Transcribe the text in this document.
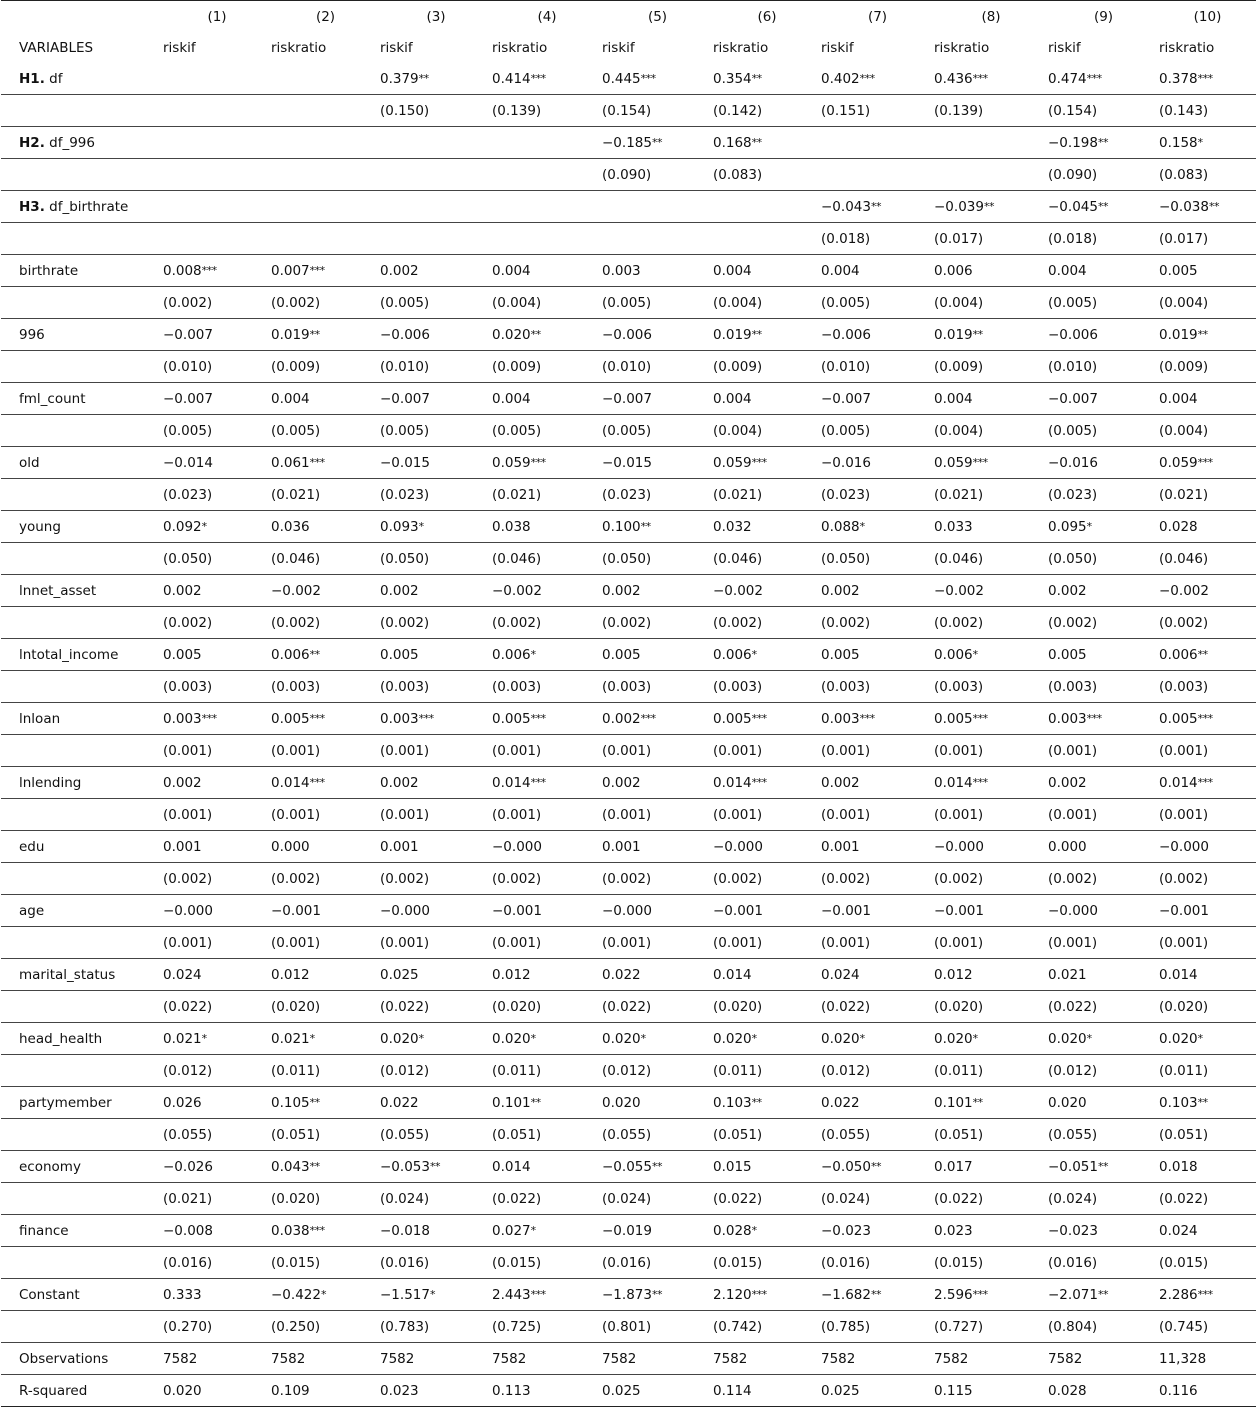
	(1)	(2)	(3)	(4)	(5)	(6)	(7)	(8)	(9)	(10)
VARIABLES	riskif	riskratio	riskif	riskratio	riskif	riskratio	riskif	riskratio	riskif	riskratio
H1. df			0.379**	0.414***	0.445***	0.354**	0.402***	0.436***	0.474***	0.378***
			(0.150)	(0.139)	(0.154)	(0.142)	(0.151)	(0.139)	(0.154)	(0.143)
H2. df_996					−0.185**	0.168**			−0.198**	0.158*
					(0.090)	(0.083)			(0.090)	(0.083)
H3. df_birthrate							−0.043**	−0.039**	−0.045**	−0.038**
							(0.018)	(0.017)	(0.018)	(0.017)
birthrate	0.008***	0.007***	0.002	0.004	0.003	0.004	0.004	0.006	0.004	0.005
	(0.002)	(0.002)	(0.005)	(0.004)	(0.005)	(0.004)	(0.005)	(0.004)	(0.005)	(0.004)
996	−0.007	0.019**	−0.006	0.020**	−0.006	0.019**	−0.006	0.019**	−0.006	0.019**
	(0.010)	(0.009)	(0.010)	(0.009)	(0.010)	(0.009)	(0.010)	(0.009)	(0.010)	(0.009)
fml_count	−0.007	0.004	−0.007	0.004	−0.007	0.004	−0.007	0.004	−0.007	0.004
	(0.005)	(0.005)	(0.005)	(0.005)	(0.005)	(0.004)	(0.005)	(0.004)	(0.005)	(0.004)
old	−0.014	0.061***	−0.015	0.059***	−0.015	0.059***	−0.016	0.059***	−0.016	0.059***
	(0.023)	(0.021)	(0.023)	(0.021)	(0.023)	(0.021)	(0.023)	(0.021)	(0.023)	(0.021)
young	0.092*	0.036	0.093*	0.038	0.100**	0.032	0.088*	0.033	0.095*	0.028
	(0.050)	(0.046)	(0.050)	(0.046)	(0.050)	(0.046)	(0.050)	(0.046)	(0.050)	(0.046)
lnnet_asset	0.002	−0.002	0.002	−0.002	0.002	−0.002	0.002	−0.002	0.002	−0.002
	(0.002)	(0.002)	(0.002)	(0.002)	(0.002)	(0.002)	(0.002)	(0.002)	(0.002)	(0.002)
lntotal_income	0.005	0.006**	0.005	0.006*	0.005	0.006*	0.005	0.006*	0.005	0.006**
	(0.003)	(0.003)	(0.003)	(0.003)	(0.003)	(0.003)	(0.003)	(0.003)	(0.003)	(0.003)
lnloan	0.003***	0.005***	0.003***	0.005***	0.002***	0.005***	0.003***	0.005***	0.003***	0.005***
	(0.001)	(0.001)	(0.001)	(0.001)	(0.001)	(0.001)	(0.001)	(0.001)	(0.001)	(0.001)
lnlending	0.002	0.014***	0.002	0.014***	0.002	0.014***	0.002	0.014***	0.002	0.014***
	(0.001)	(0.001)	(0.001)	(0.001)	(0.001)	(0.001)	(0.001)	(0.001)	(0.001)	(0.001)
edu	0.001	0.000	0.001	−0.000	0.001	−0.000	0.001	−0.000	0.000	−0.000
	(0.002)	(0.002)	(0.002)	(0.002)	(0.002)	(0.002)	(0.002)	(0.002)	(0.002)	(0.002)
age	−0.000	−0.001	−0.000	−0.001	−0.000	−0.001	−0.001	−0.001	−0.000	−0.001
	(0.001)	(0.001)	(0.001)	(0.001)	(0.001)	(0.001)	(0.001)	(0.001)	(0.001)	(0.001)
marital_status	0.024	0.012	0.025	0.012	0.022	0.014	0.024	0.012	0.021	0.014
	(0.022)	(0.020)	(0.022)	(0.020)	(0.022)	(0.020)	(0.022)	(0.020)	(0.022)	(0.020)
head_health	0.021*	0.021*	0.020*	0.020*	0.020*	0.020*	0.020*	0.020*	0.020*	0.020*
	(0.012)	(0.011)	(0.012)	(0.011)	(0.012)	(0.011)	(0.012)	(0.011)	(0.012)	(0.011)
partymember	0.026	0.105**	0.022	0.101**	0.020	0.103**	0.022	0.101**	0.020	0.103**
	(0.055)	(0.051)	(0.055)	(0.051)	(0.055)	(0.051)	(0.055)	(0.051)	(0.055)	(0.051)
economy	−0.026	0.043**	−0.053**	0.014	−0.055**	0.015	−0.050**	0.017	−0.051**	0.018
	(0.021)	(0.020)	(0.024)	(0.022)	(0.024)	(0.022)	(0.024)	(0.022)	(0.024)	(0.022)
finance	−0.008	0.038***	−0.018	0.027*	−0.019	0.028*	−0.023	0.023	−0.023	0.024
	(0.016)	(0.015)	(0.016)	(0.015)	(0.016)	(0.015)	(0.016)	(0.015)	(0.016)	(0.015)
Constant	0.333	−0.422*	−1.517*	2.443***	−1.873**	2.120***	−1.682**	2.596***	−2.071**	2.286***
	(0.270)	(0.250)	(0.783)	(0.725)	(0.801)	(0.742)	(0.785)	(0.727)	(0.804)	(0.745)
Observations	7582	7582	7582	7582	7582	7582	7582	7582	7582	11,328
R-squared	0.020	0.109	0.023	0.113	0.025	0.114	0.025	0.115	0.028	0.116
